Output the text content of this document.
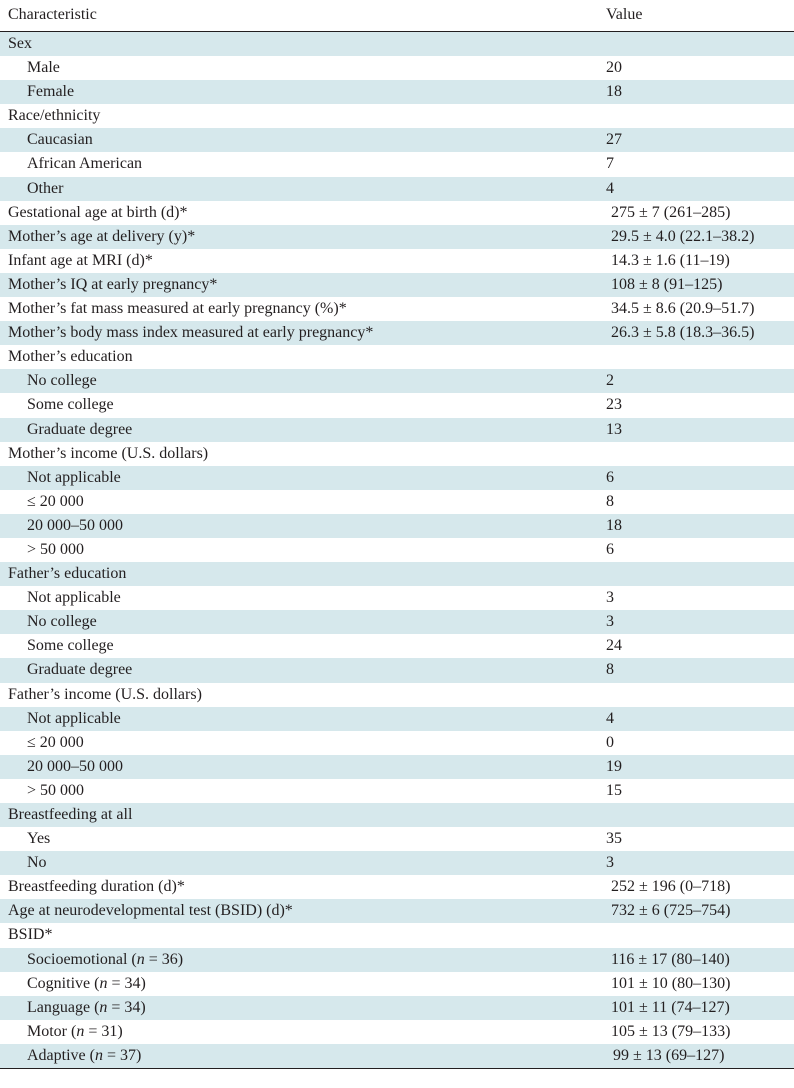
Characteristic	Value
Sex
Male	20
Female	18
Race/ethnicity
Caucasian	27
African American	7
Other	4
Gestational age at birth (d)*	275 ± 7 (261–285)
Mother’s age at delivery (y)*	29.5 ± 4.0 (22.1–38.2)
Infant age at MRI (d)*	14.3 ± 1.6 (11–19)
Mother’s IQ at early pregnancy*	108 ± 8 (91–125)
Mother’s fat mass measured at early pregnancy (%)*	34.5 ± 8.6 (20.9–51.7)
Mother’s body mass index measured at early pregnancy*	26.3 ± 5.8 (18.3–36.5)
Mother’s education
No college	2
Some college	23
Graduate degree	13
Mother’s income (U.S. dollars)
Not applicable	6
≤ 20 000	8
20 000–50 000	18
> 50 000	6
Father’s education
Not applicable	3
No college	3
Some college	24
Graduate degree	8
Father’s income (U.S. dollars)
Not applicable	4
≤ 20 000	0
20 000–50 000	19
> 50 000	15
Breastfeeding at all
Yes	35
No	3
Breastfeeding duration (d)*	252 ± 196 (0–718)
Age at neurodevelopmental test (BSID) (d)*	732 ± 6 (725–754)
BSID*
Socioemotional (n = 36)	116 ± 17 (80–140)
Cognitive (n = 34)	101 ± 10 (80–130)
Language (n = 34)	101 ± 11 (74–127)
Motor (n = 31)	105 ± 13 (79–133)
Adaptive (n = 37)	99 ± 13 (69–127)
